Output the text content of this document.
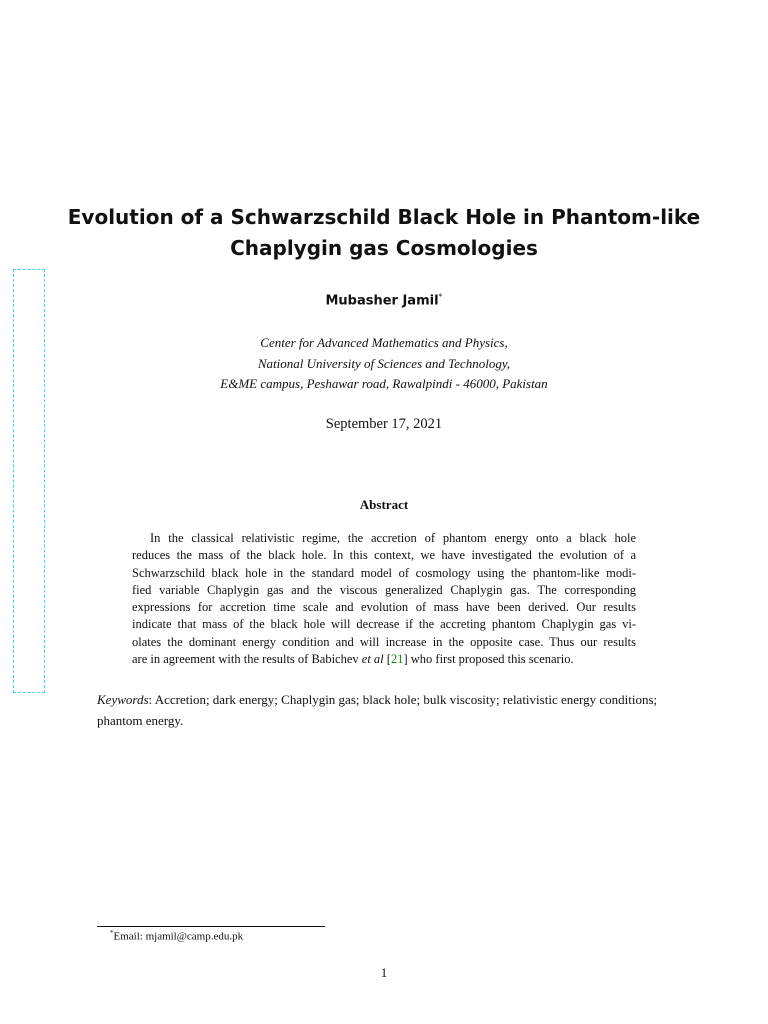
Evolution of a Schwarzschild Black Hole in Phantom-like
Chaplygin gas Cosmologies
Mubasher Jamil*
Center for Advanced Mathematics and Physics,
National University of Sciences and Technology,
E&ME campus, Peshawar road, Rawalpindi - 46000, Pakistan
September 17, 2021
Abstract
In the classical relativistic regime, the accretion of phantom energy onto a black hole
reduces the mass of the black hole. In this context, we have investigated the evolution of a
Schwarzschild black hole in the standard model of cosmology using the phantom-like modi-
fied variable Chaplygin gas and the viscous generalized Chaplygin gas. The corresponding
expressions for accretion time scale and evolution of mass have been derived. Our results
indicate that mass of the black hole will decrease if the accreting phantom Chaplygin gas vi-
olates the dominant energy condition and will increase in the opposite case. Thus our results
are in agreement with the results of Babichev et al [21] who first proposed this scenario.
Keywords: Accretion; dark energy; Chaplygin gas; black hole; bulk viscosity; relativistic energy conditions; phantom energy.
*Email: mjamil@camp.edu.pk
1
